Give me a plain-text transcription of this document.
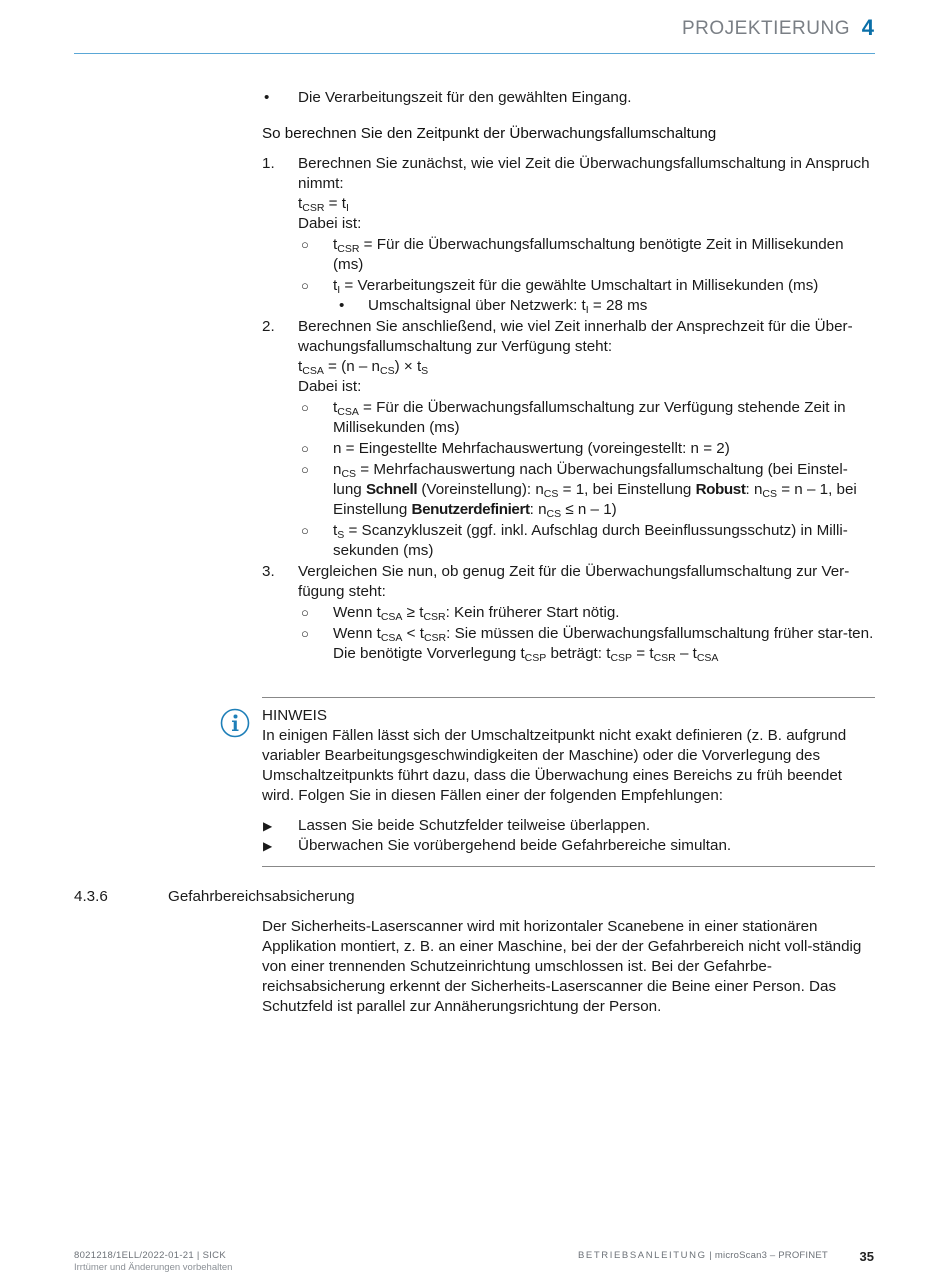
PROJEKTIERUNG 4
• Die Verarbeitungszeit für den gewählten Eingang.
So berechnen Sie den Zeitpunkt der Überwachungsfallumschaltung
1. Berechnen Sie zunächst, wie viel Zeit die Überwachungsfallumschaltung in Anspruch nimmt:
$t_{CSR} = t_I$
Dabei ist:
○ $t_{CSR}$ = Für die Überwachungsfallumschaltung benötigte Zeit in Millisekunden (ms)
○ $t_I$ = Verarbeitungszeit für die gewählte Umschaltart in Millisekunden (ms)
• Umschaltsignal über Netzwerk: $t_I = 28$ ms
2. Berechnen Sie anschließend, wie viel Zeit innerhalb der Ansprechzeit für die Über-wachungsfallumschaltung zur Verfügung steht:
$t_{CSA} = (n - n_{CS}) \times t_S$
Dabei ist:
○ $t_{CSA}$ = Für die Überwachungsfallumschaltung zur Verfügung stehende Zeit in Millisekunden (ms)
○ n = Eingestellte Mehrfachauswertung (voreingestellt: n = 2)
○ $n_{CS}$ = Mehrfachauswertung nach Überwachungsfallumschaltung (bei Einstel-lung Schnell (Voreinstellung): $n_{CS} = 1$, bei Einstellung Robust: $n_{CS} = n - 1$, bei Einstellung Benutzerdefiniert: $n_{CS} \le n - 1$)
○ $t_S$ = Scanzykluszeit (ggf. inkl. Aufschlag durch Beeinflussungsschutz) in Milli-sekunden (ms)
3. Vergleichen Sie nun, ob genug Zeit für die Überwachungsfallumschaltung zur Ver-fügung steht:
○ Wenn $t_{CSA} \ge t_{CSR}$: Kein früherer Start nötig.
○ Wenn $t_{CSA} < t_{CSR}$: Sie müssen die Überwachungsfallumschaltung früher star-ten. Die benötigte Vorverlegung $t_{CSP}$ beträgt: $t_{CSP} = t_{CSR} - t_{CSA}$
HINWEIS
In einigen Fällen lässt sich der Umschaltzeitpunkt nicht exakt definieren (z. B. aufgrund variabler Bearbeitungsgeschwindigkeiten der Maschine) oder die Vorverlegung des Umschaltzeitpunkts führt dazu, dass die Überwachung eines Bereichs zu früh beendet wird. Folgen Sie in diesen Fällen einer der folgenden Empfehlungen:
▶ Lassen Sie beide Schutzfelder teilweise überlappen.
▶ Überwachen Sie vorübergehend beide Gefahrbereiche simultan.
4.3.6	Gefahrbereichsabsicherung

Der Sicherheits-Laserscanner wird mit horizontaler Scanebene in einer stationären Applikation montiert, z. B. an einer Maschine, bei der der Gefahrbereich nicht voll-ständig von einer trennenden Schutzeinrichtung umschlossen ist. Bei der Gefahrbe-reichsabsicherung erkennt der Sicherheits-Laserscanner die Beine einer Person. Das Schutzfeld ist parallel zur Annäherungsrichtung der Person.

8021218/1ELL/2022-01-21 | SICK
Irrtümer und Änderungen vorbehalten
BETRIEBSANLEITUNG | microScan3 – PROFINET 35
